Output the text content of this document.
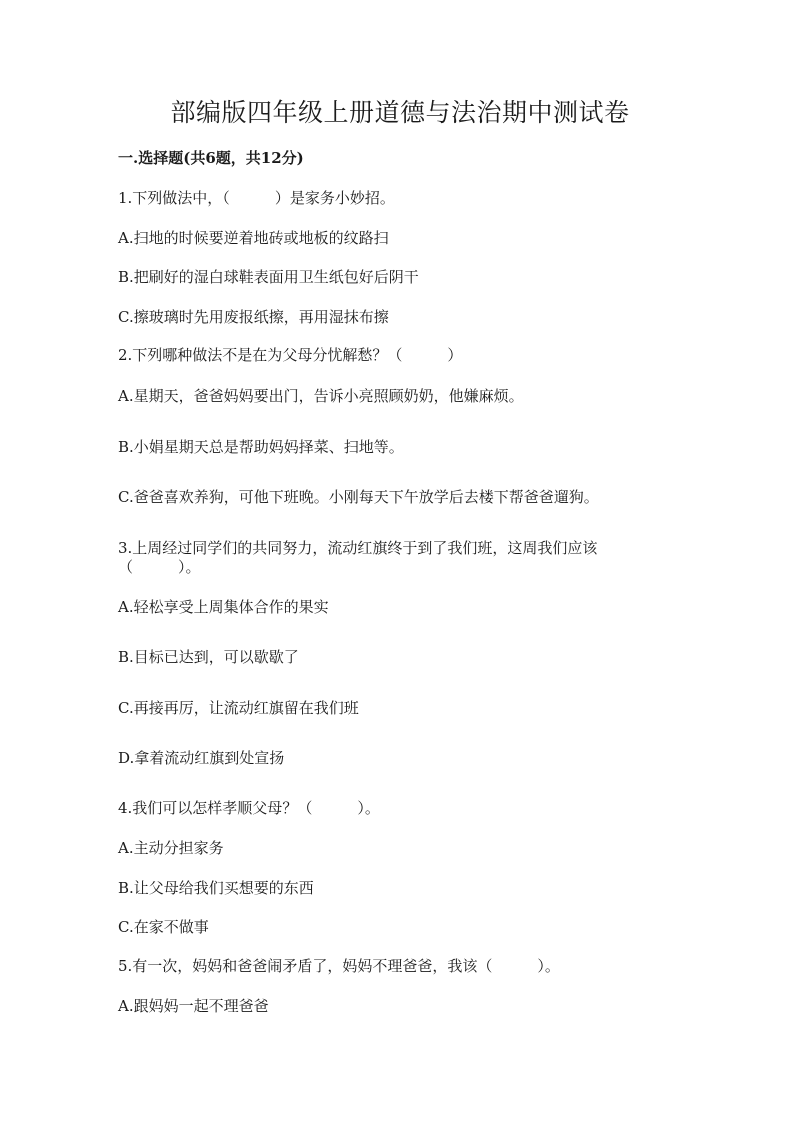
部编版四年级上册道德与法治期中测试卷
一.选择题(共6题，共12分)
1.下列做法中，（　　　）是家务小妙招。
A.扫地的时候要逆着地砖或地板的纹路扫
B.把刷好的湿白球鞋表面用卫生纸包好后阴干
C.擦玻璃时先用废报纸擦，再用湿抹布擦
2.下列哪种做法不是在为父母分忧解愁？（　　　）
A.星期天，爸爸妈妈要出门，告诉小亮照顾奶奶，他嫌麻烦。
B.小娟星期天总是帮助妈妈择菜、扫地等。
C.爸爸喜欢养狗，可他下班晚。小刚每天下午放学后去楼下帮爸爸遛狗。
3.上周经过同学们的共同努力，流动红旗终于到了我们班，这周我们应该
（　　　）。
A.轻松享受上周集体合作的果实
B.目标已达到，可以歇歇了
C.再接再厉，让流动红旗留在我们班
D.拿着流动红旗到处宣扬
4.我们可以怎样孝顺父母？（　　　）。
A.主动分担家务
B.让父母给我们买想要的东西
C.在家不做事
5.有一次，妈妈和爸爸闹矛盾了，妈妈不理爸爸，我该（　　　）。
A.跟妈妈一起不理爸爸
